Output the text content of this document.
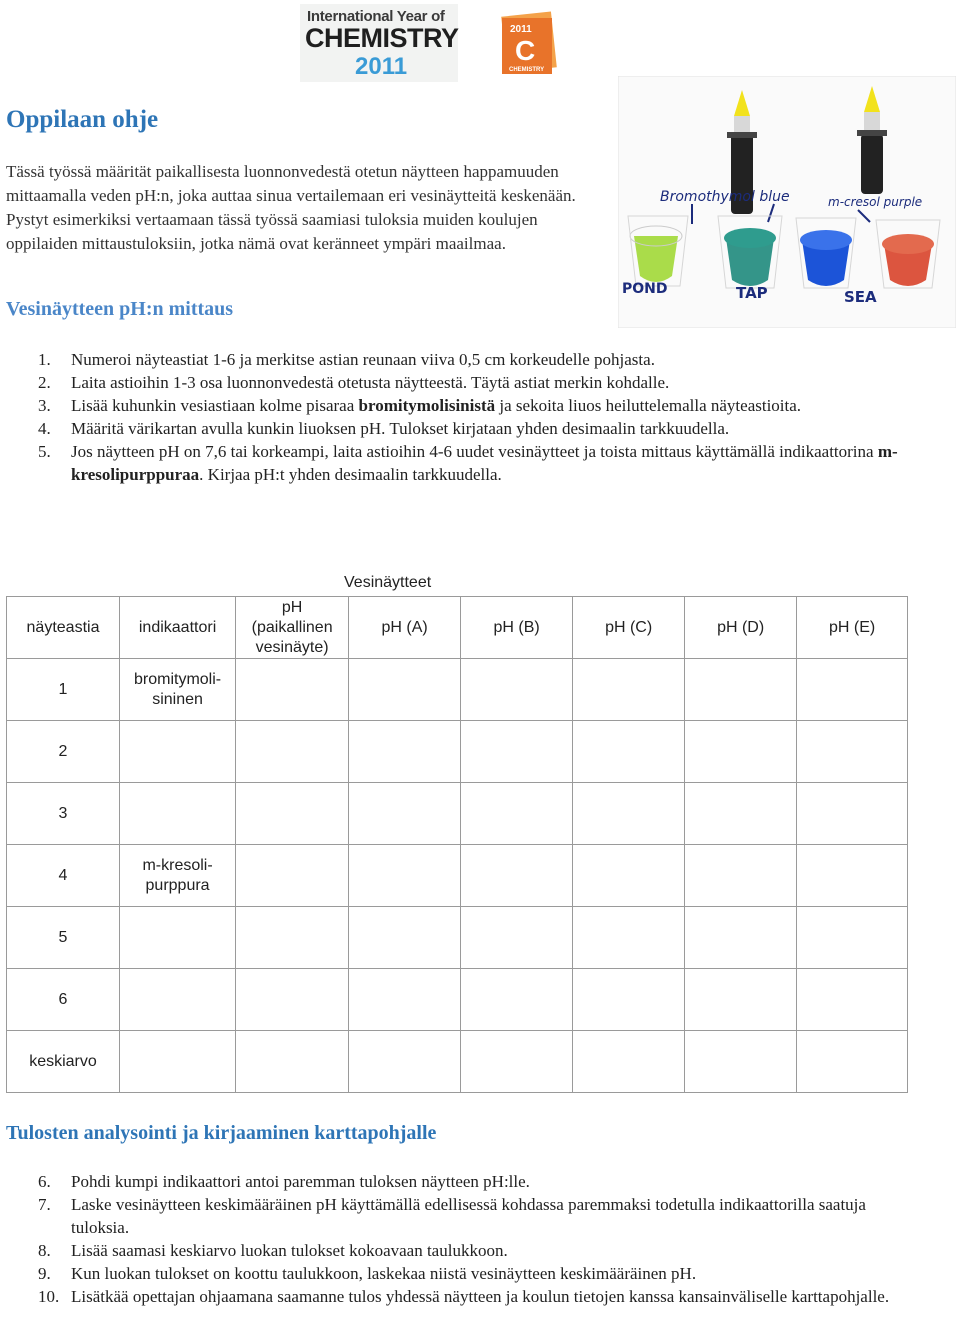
International Year of
CHEMISTRY
2011
2011
C
CHEMISTRY
Oppilaan ohje

Tässä työssä määrität paikallisesta luonnonvedestä otetun näytteen happamuuden mittaamalla veden pH:n, joka auttaa sinua vertailemaan eri vesinäytteitä keskenään. Pystyt esimerkiksi vertaamaan tässä työssä saamiasi tuloksia muiden koulujen oppilaiden mittaustuloksiin, jotka nämä ovat keränneet ympäri maailmaa.

Bromothymol blue	m-cresol purple
POND	TAP	SEA
Vesinäytteen pH:n mittaus
1. Numeroi näyteastiat 1-6 ja merkitse astian reunaan viiva 0,5 cm korkeudelle pohjasta.
2. Laita astioihin 1-3 osa luonnonvedestä otetusta näytteestä. Täytä astiat merkin kohdalle.
3. Lisää kuhunkin vesiastiaan kolme pisaraa bromitymolisinistä ja sekoita liuos heiluttelemalla näyteastioita.
4. Määritä värikartan avulla kunkin liuoksen pH. Tulokset kirjataan yhden desimaalin tarkkuudella.
5. Jos näytteen pH on 7,6 tai korkeampi, laita astioihin 4-6 uudet vesinäytteet ja toista mittaus käyttämällä indikaattorina m-kresolipurppuraa. Kirjaa pH:t yhden desimaalin tarkkuudella.
Vesinäytteet
näyteastia	indikaattori	pH (paikallinen vesinäyte)	pH (A)	pH (B)	pH (C)	pH (D)	pH (E)
1	bromitymoli-sininen						
2							
3							
4	m-kresoli-purppura						
5							
6							
keskiarvo							
Tulosten analysointi ja kirjaaminen karttapohjalle
6. Pohdi kumpi indikaattori antoi paremman tuloksen näytteen pH:lle.
7. Laske vesinäytteen keskimääräinen pH käyttämällä edellisessä kohdassa paremmaksi todetulla indikaattorilla saatuja tuloksia.
8. Lisää saamasi keskiarvo luokan tulokset kokoavaan taulukkoon.
9. Kun luokan tulokset on koottu taulukkoon, laskekaa niistä vesinäytteen keskimääräinen pH.
10. Lisätkää opettajan ohjaamana saamanne tulos yhdessä näytteen ja koulun tietojen kanssa kansainväliselle karttapohjalle.
